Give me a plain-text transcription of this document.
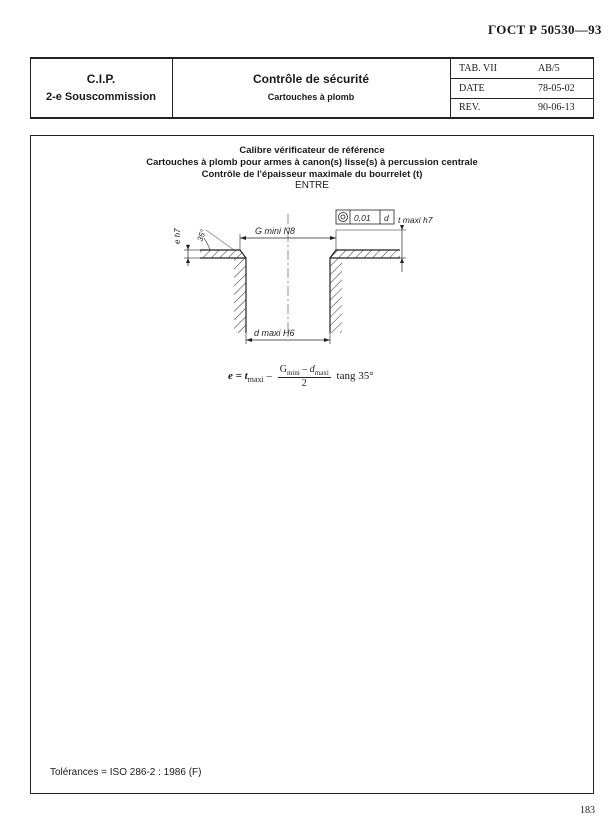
ГОСТ Р 50530—93
C.I.P.
2-e Souscommission
Contrôle de sécurité
Cartouches à plomb
TAB. VII	AB/5
DATE	78-05-02
REV.	90-06-13
Calibre vérificateur de référence
Cartouches à plomb pour armes à canon(s) lisse(s) à percussion centrale
Contrôle de l'épaisseur maximale du bourrelet (t)
ENTRE
G mini N8
d maxi H6
e h7 35°
0,01 d t maxi h7
$e = t_{maxi}$ –
$G_{mini} - d_{maxi}$
2
tang 35°
Tolérances = ISO 286-2 : 1986 (F)
183
